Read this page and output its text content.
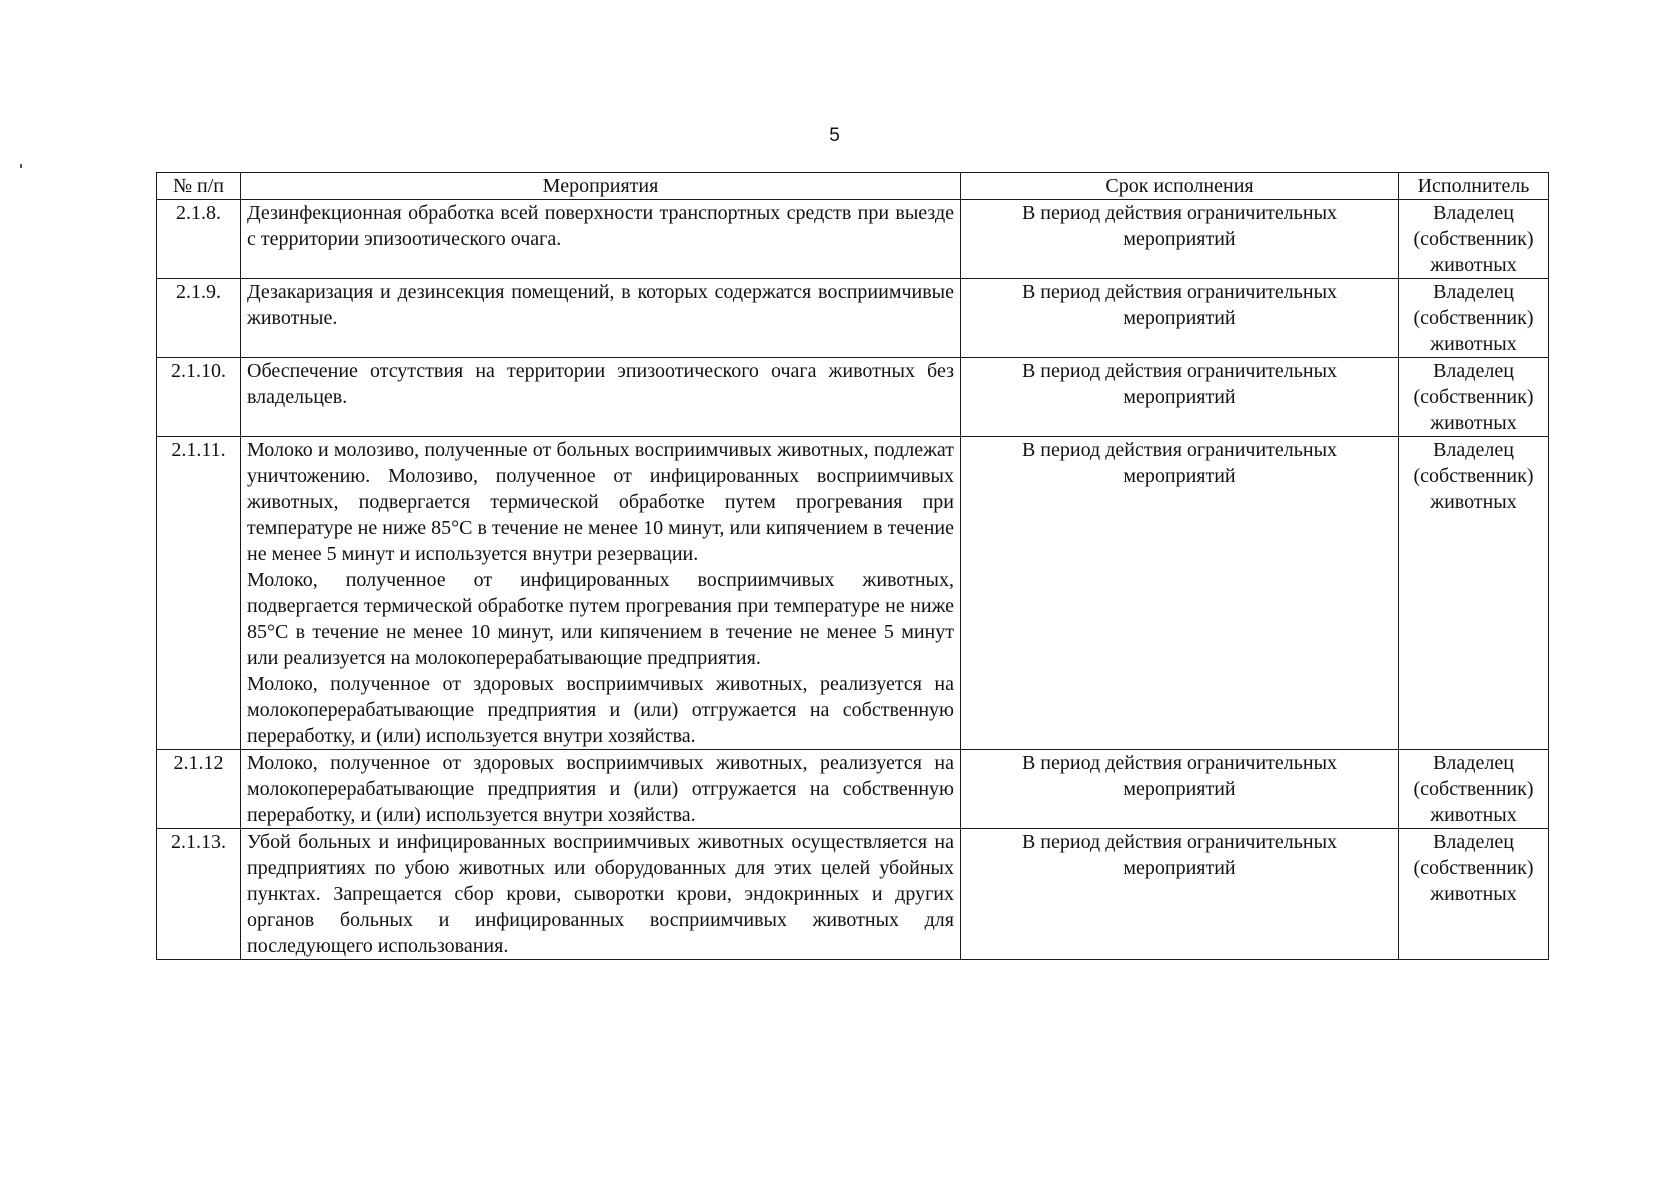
5
№ п/п	Мероприятия	Срок исполнения	Исполнитель
2.1.8.	Дезинфекционная обработка всей поверхности транспортных средств при выезде с территории эпизоотического очага.	В период действия ограничительных мероприятий	Владелец (собственник) животных
2.1.9.	Дезакаризация и дезинсекция помещений, в которых содержатся восприимчивые животные.	В период действия ограничительных мероприятий	Владелец (собственник) животных
2.1.10.	Обеспечение отсутствия на территории эпизоотического очага животных без владельцев.	В период действия ограничительных мероприятий	Владелец (собственник) животных
2.1.11.	Молоко и молозиво, полученные от больных восприимчивых животных, подлежат уничтожению. Молозиво, полученное от инфицированных восприимчивых животных, подвергается термической обработке путем прогревания при температуре не ниже 85°С в течение не менее 10 минут, или кипячением в течение не менее 5 минут и используется внутри резервации.
Молоко, полученное от инфицированных восприимчивых животных, подвергается термической обработке путем прогревания при температуре не ниже 85°С в течение не менее 10 минут, или кипячением в течение не менее 5 минут или реализуется на молокоперерабатывающие предприятия.
Молоко, полученное от здоровых восприимчивых животных, реализуется на молокоперерабатывающие предприятия и (или) отгружается на собственную переработку, и (или) используется внутри хозяйства.	В период действия ограничительных мероприятий	Владелец (собственник) животных
2.1.12	Молоко, полученное от здоровых восприимчивых животных, реализуется на молокоперерабатывающие предприятия и (или) отгружается на собственную переработку, и (или) используется внутри хозяйства.	В период действия ограничительных мероприятий	Владелец (собственник) животных
2.1.13.	Убой больных и инфицированных восприимчивых животных осуществляется на предприятиях по убою животных или оборудованных для этих целей убойных пунктах. Запрещается сбор крови, сыворотки крови, эндокринных и других органов больных и инфицированных восприимчивых животных для последующего использования.	В период действия ограничительных мероприятий	Владелец (собственник) животных
